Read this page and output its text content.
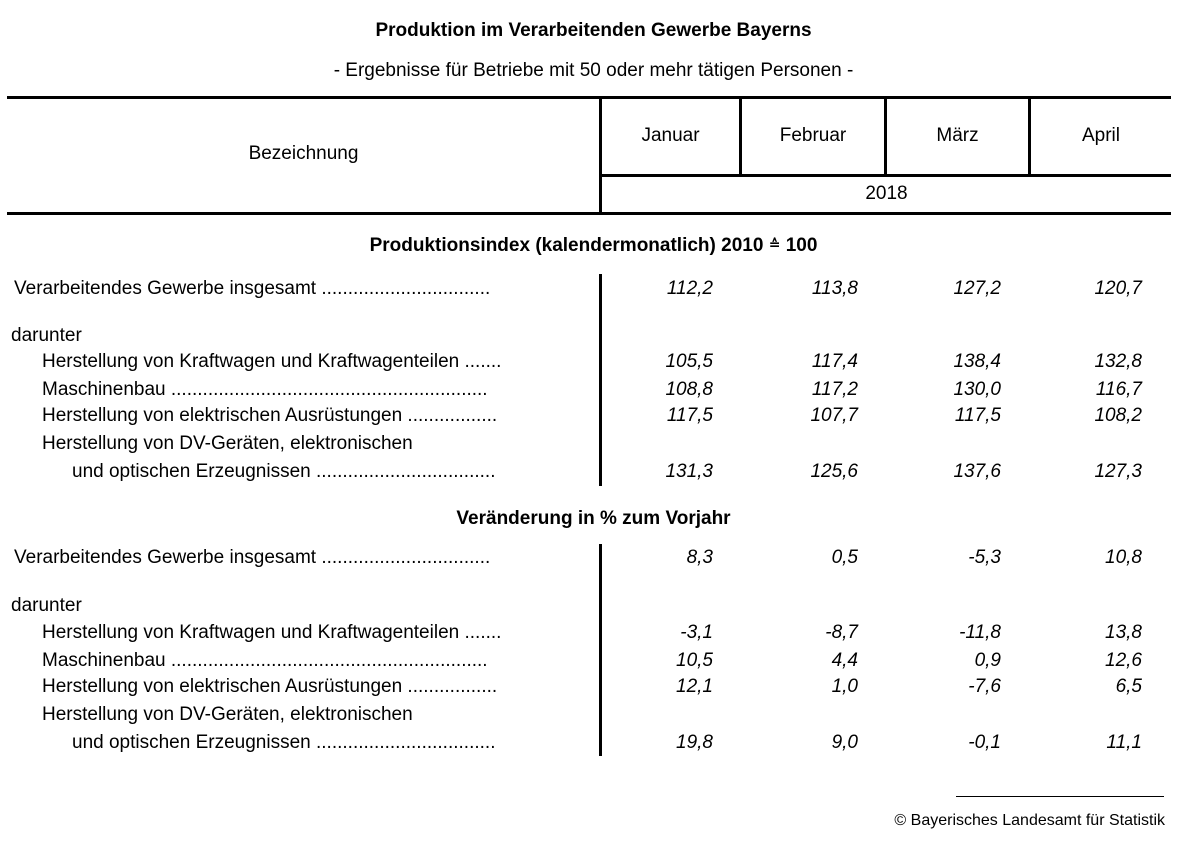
Produktion im Verarbeitenden Gewerbe Bayerns
- Ergebnisse für Betriebe mit 50 oder mehr tätigen Personen -
Bezeichnung
Januar	Februar	März	April
2018
Produktionsindex (kalendermonatlich) 2010 ≙ 100
Verarbeitendes Gewerbe insgesamt ................................	112,2	113,8	127,2	120,7
darunter
Herstellung von Kraftwagen und Kraftwagenteilen .......	105,5	117,4	138,4	132,8
Maschinenbau ............................................................	108,8	117,2	130,0	116,7
Herstellung von elektrischen Ausrüstungen .................	117,5	107,7	117,5	108,2
Herstellung von DV-Geräten, elektronischen
und optischen Erzeugnissen ..................................	131,3	125,6	137,6	127,3
Veränderung in % zum Vorjahr
Verarbeitendes Gewerbe insgesamt ................................	8,3	0,5	-5,3	10,8
darunter
Herstellung von Kraftwagen und Kraftwagenteilen .......	-3,1	-8,7	-11,8	13,8
Maschinenbau ............................................................	10,5	4,4	0,9	12,6
Herstellung von elektrischen Ausrüstungen .................	12,1	1,0	-7,6	6,5
Herstellung von DV-Geräten, elektronischen
und optischen Erzeugnissen ..................................	19,8	9,0	-0,1	11,1
© Bayerisches Landesamt für Statistik
